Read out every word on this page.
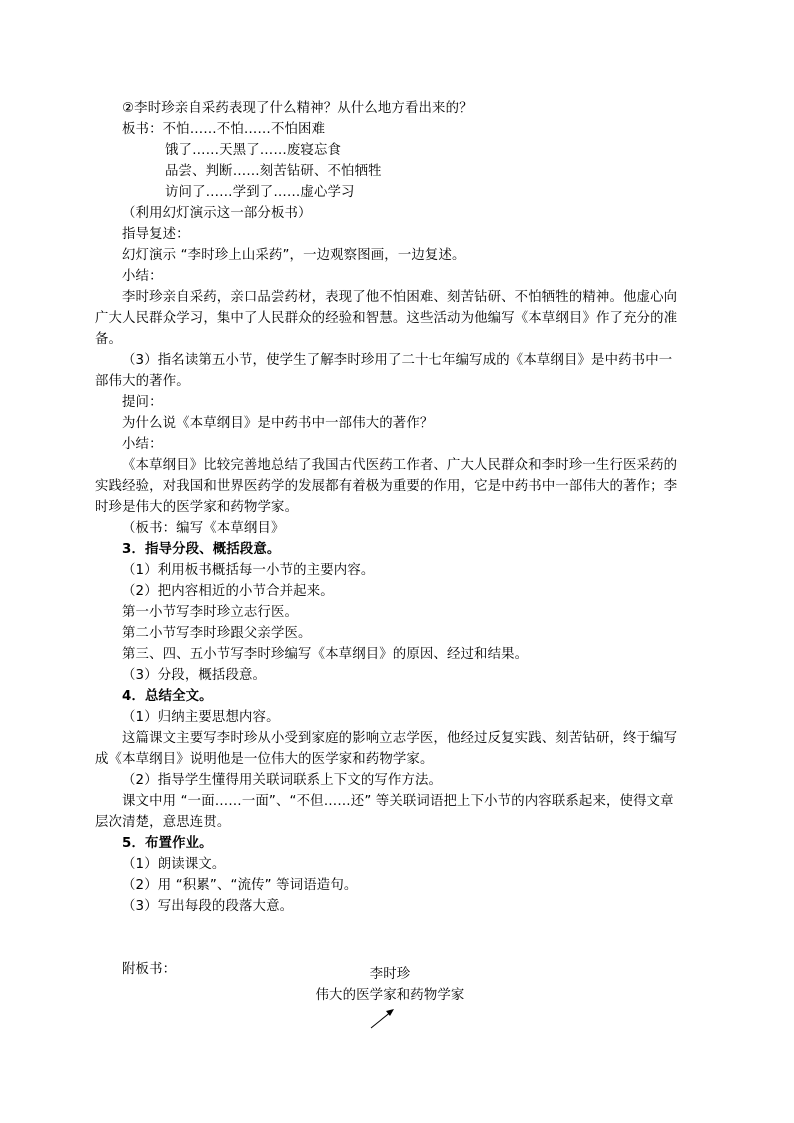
②李时珍亲自采药表现了什么精神？从什么地方看出来的？
板书：不怕……不怕……不怕困难
饿了……天黑了……废寝忘食
品尝、判断……刻苦钻研、不怕牺牲
访问了……学到了……虚心学习
（利用幻灯演示这一部分板书）
指导复述：
幻灯演示 “李时珍上山采药”，一边观察图画，一边复述。
小结：
李时珍亲自采药，亲口品尝药材，表现了他不怕困难、刻苦钻研、不怕牺牲的精神。他虚心向
广大人民群众学习，集中了人民群众的经验和智慧。这些活动为他编写《本草纲目》作了充分的准
备。
（3）指名读第五小节，使学生了解李时珍用了二十七年编写成的《本草纲目》是中药书中一
部伟大的著作。
提问：
为什么说《本草纲目》是中药书中一部伟大的著作？
小结：
《本草纲目》比较完善地总结了我国古代医药工作者、广大人民群众和李时珍一生行医采药的
实践经验，对我国和世界医药学的发展都有着极为重要的作用，它是中药书中一部伟大的著作；李
时珍是伟大的医学家和药物学家。
（板书：编写《本草纲目》
3．指导分段、概括段意。
（1）利用板书概括每一小节的主要内容。
（2）把内容相近的小节合并起来。
第一小节写李时珍立志行医。
第二小节写李时珍跟父亲学医。
第三、四、五小节写李时珍编写《本草纲目》的原因、经过和结果。
（3）分段，概括段意。
4．总结全文。
（1）归纳主要思想内容。
这篇课文主要写李时珍从小受到家庭的影响立志学医，他经过反复实践、刻苦钻研，终于编写
成《本草纲目》说明他是一位伟大的医学家和药物学家。
（2）指导学生懂得用关联词联系上下文的写作方法。
课文中用 “一面……一面”、“不但……还” 等关联词语把上下小节的内容联系起来，使得文章
层次清楚，意思连贯。
5．布置作业。
（1）朗读课文。
（2）用 “积累”、“流传” 等词语造句。
（3）写出每段的段落大意。
附板书：	李时珍
伟大的医学家和药物学家
